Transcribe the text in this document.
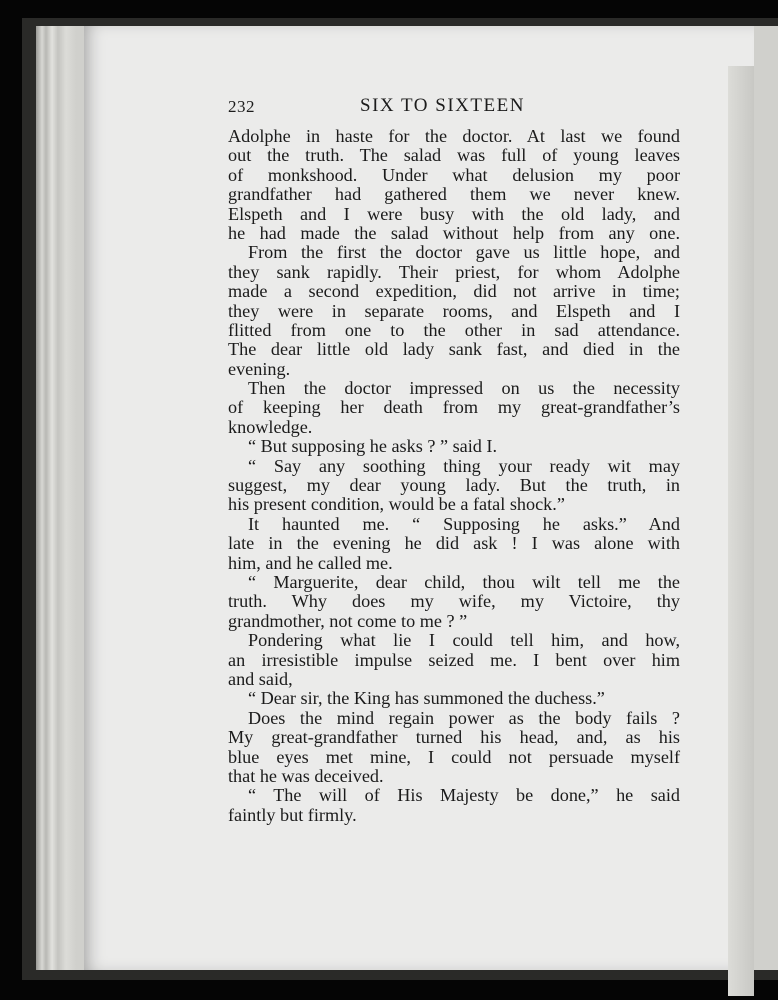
232	SIX TO SIXTEEN
Adolphe in haste for the doctor. At last we found
out the truth. The salad was full of young leaves
of monkshood. Under what delusion my poor
grandfather had gathered them we never knew.
Elspeth and I were busy with the old lady, and
he had made the salad without help from any one.
From the first the doctor gave us little hope, and
they sank rapidly. Their priest, for whom Adolphe
made a second expedition, did not arrive in time;
they were in separate rooms, and Elspeth and I
flitted from one to the other in sad attendance.
The dear little old lady sank fast, and died in the
evening.
Then the doctor impressed on us the necessity
of keeping her death from my great-grandfather’s
knowledge.
“ But supposing he asks ? ” said I.
“ Say any soothing thing your ready wit may
suggest, my dear young lady. But the truth, in
his present condition, would be a fatal shock.”
It haunted me. “ Supposing he asks.” And
late in the evening he did ask ! I was alone with
him, and he called me.
“ Marguerite, dear child, thou wilt tell me the
truth. Why does my wife, my Victoire, thy
grandmother, not come to me ? ”
Pondering what lie I could tell him, and how,
an irresistible impulse seized me. I bent over him
and said,
“ Dear sir, the King has summoned the duchess.”
Does the mind regain power as the body fails ?
My great-grandfather turned his head, and, as his
blue eyes met mine, I could not persuade myself
that he was deceived.
“ The will of His Majesty be done,” he said
faintly but firmly.
